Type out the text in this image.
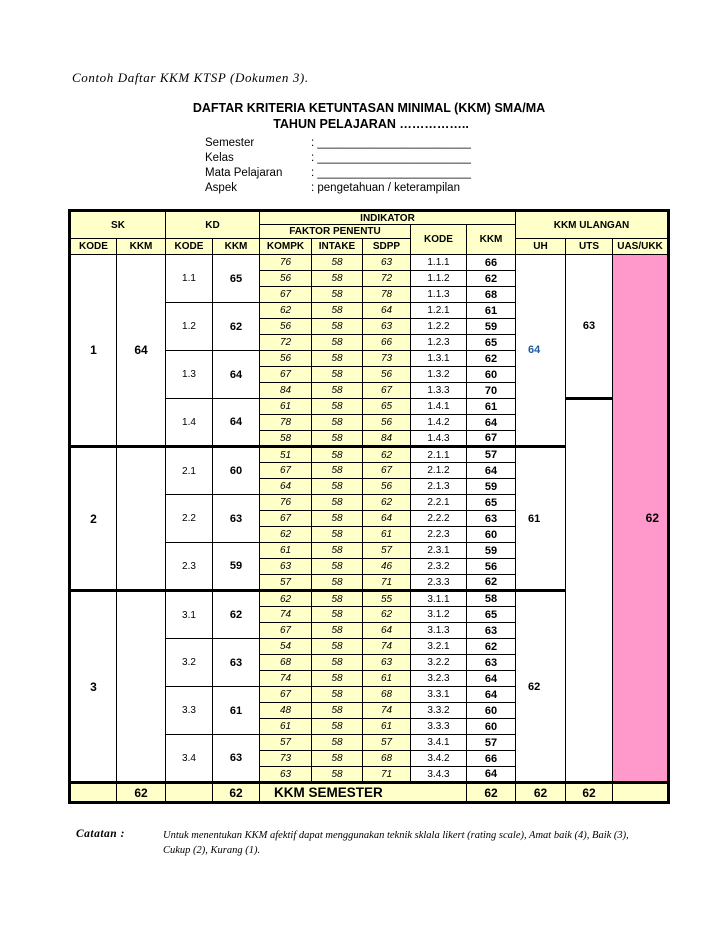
Contoh Daftar KKM KTSP (Dokumen 3).
DAFTAR KRITERIA KETUNTASAN MINIMAL (KKM) SMA/MA
TAHUN PELAJARAN ……………..
Semester	: ________________________
Kelas	: ________________________
Mata Pelajaran : ________________________
Aspek	: pengetahuan / keterampilan
SK		KD		INDIKATOR					KKM ULANGAN		
				FAKTOR PENENTU			KODE	KKM			
KODE	KKM	KODE	KKM	KOMPK	INTAKE	SDPP			UH	UTS	UAS/UKK
1	64	1.1	65	76	58	63	1.1.1	66	64	63	62
				56	58	72	1.1.2	62			
				67	58	78	1.1.3	68			
		1.2	62	62	58	64	1.2.1	61			
				56	58	63	1.2.2	59			
				72	58	66	1.2.3	65			
		1.3	64	56	58	73	1.3.1	62			
				67	58	56	1.3.2	60			
				84	58	67	1.3.3	70			
		1.4	64	61	58	65	1.4.1	61			
				78	58	56	1.4.2	64			
				58	58	84	1.4.3	67			
2		2.1	60	51	58	62	2.1.1	57	61		
				67	58	67	2.1.2	64			
				64	58	56	2.1.3	59			
		2.2	63	76	58	62	2.2.1	65			
				67	58	64	2.2.2	63			
				62	58	61	2.2.3	60			
		2.3	59	61	58	57	2.3.1	59			
				63	58	46	2.3.2	56			
				57	58	71	2.3.3	62			
3		3.1	62	62	58	55	3.1.1	58	62		
				74	58	62	3.1.2	65			
				67	58	64	3.1.3	63			
		3.2	63	54	58	74	3.2.1	62			
				68	58	63	3.2.2	63			
				74	58	61	3.2.3	64			
		3.3	61	67	58	68	3.3.1	64			
				48	58	74	3.3.2	60			
				61	58	61	3.3.3	60			
		3.4	63	57	58	57	3.4.1	57			
				73	58	68	3.4.2	66			
				63	58	71	3.4.3	64			
	62		62	KKM SEMESTER				62	62	62	
Catatan :	Untuk menentukan KKM afektif dapat menggunakan teknik sklala likert (rating scale), Amat baik (4), Baik (3), Cukup (2), Kurang (1).
